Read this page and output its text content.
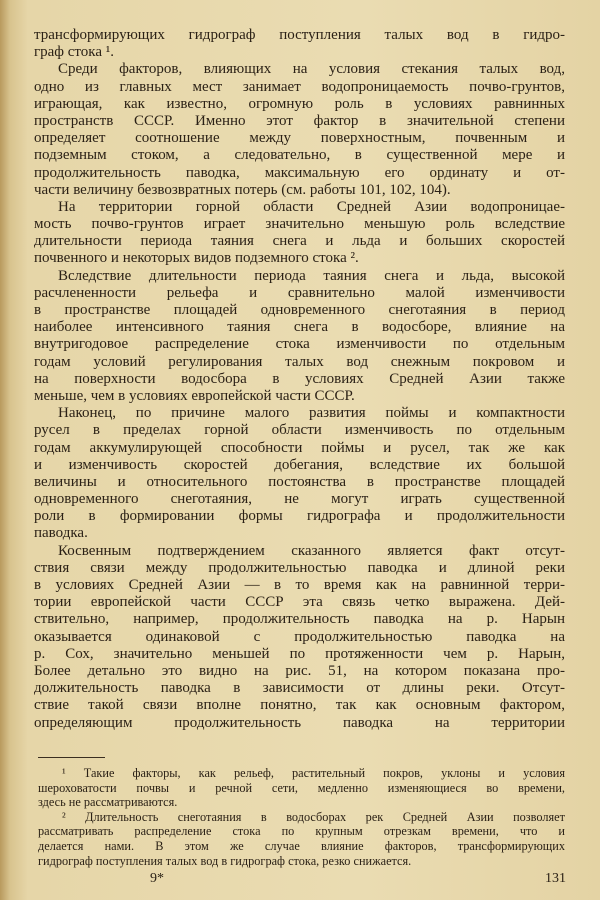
трансформирующих гидрограф поступления талых вод в гидро-
граф стока ¹.
Среди факторов, влияющих на условия стекания талых вод,
одно из главных мест занимает водопроницаемость почво-грунтов,
играющая, как известно, огромную роль в условиях равнинных
пространств СССР. Именно этот фактор в значительной степени
определяет соотношение между поверхностным, почвенным и
подземным стоком, а следовательно, в существенной мере и
продолжительность паводка, максимальную его ординату и от-
части величину безвозвратных потерь (см. работы 101, 102, 104).
На территории горной области Средней Азии водопроницае-
мость почво-грунтов играет значительно меньшую роль вследствие
длительности периода таяния снега и льда и больших скоростей
почвенного и некоторых видов подземного стока ².
Вследствие длительности периода таяния снега и льда, высокой
расчлененности рельефа и сравнительно малой изменчивости
в пространстве площадей одновременного снеготаяния в период
наиболее интенсивного таяния снега в водосборе, влияние на
внутригодовое распределение стока изменчивости по отдельным
годам условий регулирования талых вод снежным покровом и
на поверхности водосбора в условиях Средней Азии также
меньше, чем в условиях европейской части СССР.
Наконец, по причине малого развития поймы и компактности
русел в пределах горной области изменчивость по отдельным
годам аккумулирующей способности поймы и русел, так же как
и изменчивость скоростей добегания, вследствие их большой
величины и относительного постоянства в пространстве площадей
одновременного снеготаяния, не могут играть существенной
роли в формировании формы гидрографа и продолжительности
паводка.
Косвенным подтверждением сказанного является факт отсут-
ствия связи между продолжительностью паводка и длиной реки
в условиях Средней Азии — в то время как на равнинной терри-
тории европейской части СССР эта связь четко выражена. Дей-
ствительно, например, продолжительность паводка на р. Нарын
оказывается одинаковой с продолжительностью паводка на
р. Сох, значительно меньшей по протяженности чем р. Нарын,
Более детально это видно на рис. 51, на котором показана про-
должительность паводка в зависимости от длины реки. Отсут-
ствие такой связи вполне понятно, так как основным фактором,
определяющим продолжительность паводка на территории
¹ Такие факторы, как рельеф, растительный покров, уклоны и условия
шероховатости почвы и речной сети, медленно изменяющиеся во времени,
здесь не рассматриваются.
² Длительность снеготаяния в водосборах рек Средней Азии позволяет
рассматривать распределение стока по крупным отрезкам времени, что и
делается нами. В этом же случае влияние факторов, трансформирующих
гидрограф поступления талых вод в гидрограф стока, резко снижается.
9*	131
